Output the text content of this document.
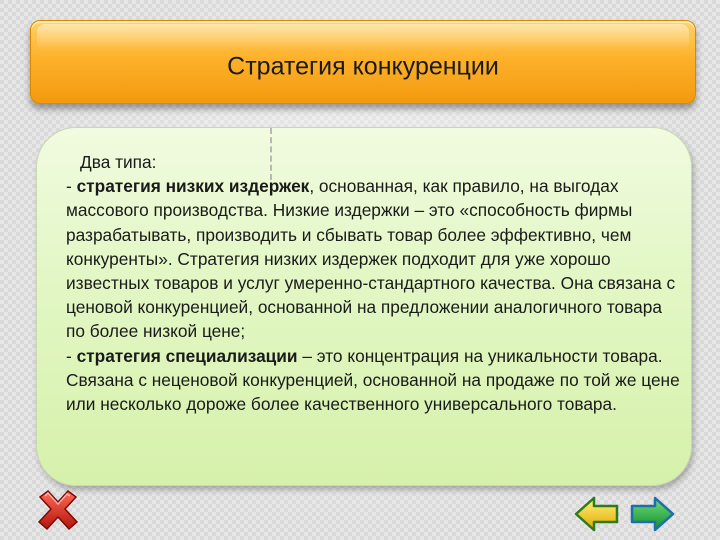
Стратегия конкуренции

Два типа:

- стратегия низких издержек, основанная, как правило, на выгодах массового производства. Низкие издержки – это «способность фирмы разрабатывать, производить и сбывать товар более эффективно, чем конкуренты». Стратегия низких издержек подходит для уже хорошо известных товаров и услуг умеренно-стандартного качества. Она связана с ценовой конкуренцией, основанной на предложении аналогичного товара по более низкой цене;

- стратегия специализации – это концентрация на уникальности товара. Связана с неценовой конкуренцией, основанной на продаже по той же цене или несколько дороже более качественного универсального товара.
